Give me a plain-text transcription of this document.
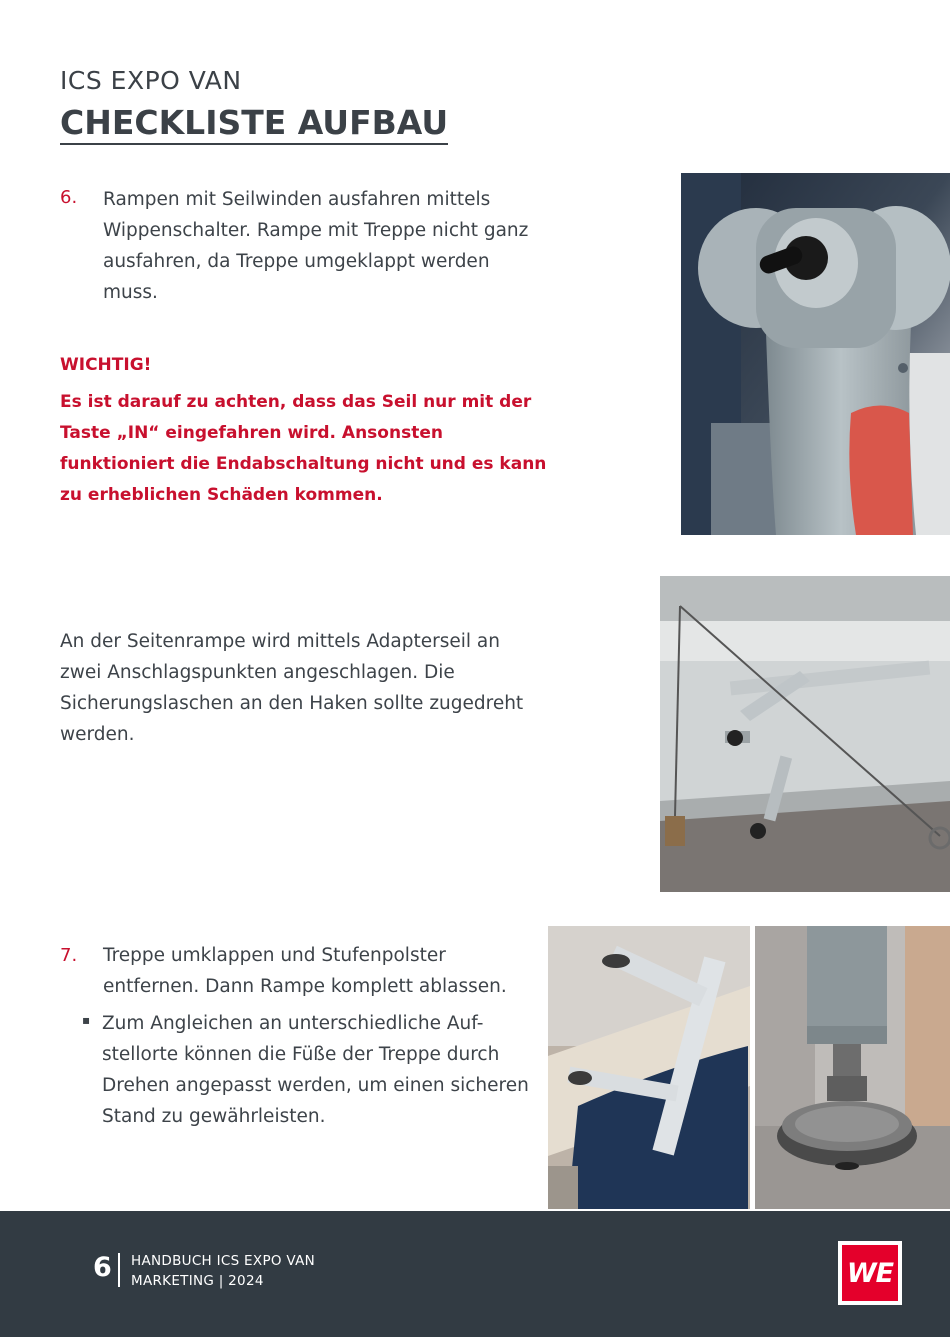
ICS EXPO VAN
CHECKLISTE AUFBAU
6. Rampen mit Seilwinden ausfahren mittels
Wippenschalter. Rampe mit Treppe nicht ganz
ausfahren, da Treppe umgeklappt werden
muss.
WICHTIG!
Es ist darauf zu achten, dass das Seil nur mit der
Taste „IN“ eingefahren wird. Ansonsten
funktioniert die Endabschaltung nicht und es kann
zu erheblichen Schäden kommen.
An der Seitenrampe wird mittels Adapterseil an
zwei Anschlagspunkten angeschlagen. Die
Sicherungslaschen an den Haken sollte zugedreht
werden.
7. Treppe umklappen und Stufenpolster
entfernen. Dann Rampe komplett ablassen.
▪ Zum Angleichen an unterschiedliche Auf-
stellorte können die Füße der Treppe durch
Drehen angepasst werden, um einen sicheren
Stand zu gewährleisten.
6 HANDBUCH ICS EXPO VAN
MARKETING | 2024	WE
